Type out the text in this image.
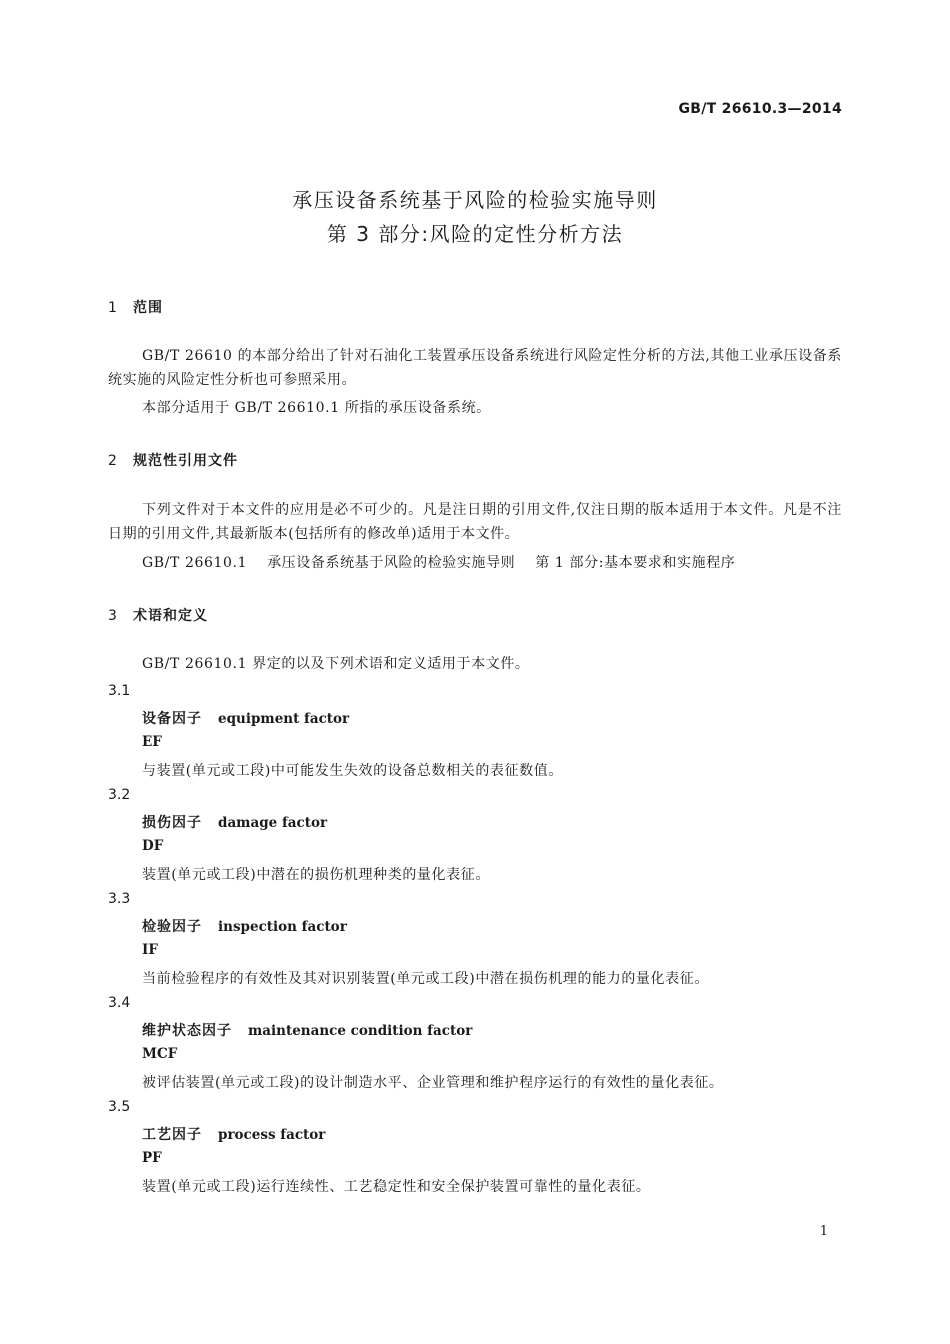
GB/T 26610.3—2014
承压设备系统基于风险的检验实施导则
第 3 部分:风险的定性分析方法
1 范围

GB/T 26610 的本部分给出了针对石油化工装置承压设备系统进行风险定性分析的方法,其他工业承压设备系统实施的风险定性分析也可参照采用。

本部分适用于 GB/T 26610.1 所指的承压设备系统。

2 规范性引用文件

下列文件对于本文件的应用是必不可少的。凡是注日期的引用文件,仅注日期的版本适用于本文件。凡是不注日期的引用文件,其最新版本(包括所有的修改单)适用于本文件。

GB/T 26610.1 承压设备系统基于风险的检验实施导则 第 1 部分:基本要求和实施程序
3 术语和定义

GB/T 26610.1 界定的以及下列术语和定义适用于本文件。

3.1
设备因子 equipment factor
EF
与装置(单元或工段)中可能发生失效的设备总数相关的表征数值。
3.2
损伤因子 damage factor
DF
装置(单元或工段)中潜在的损伤机理种类的量化表征。
3.3
检验因子 inspection factor
IF
当前检验程序的有效性及其对识别装置(单元或工段)中潜在损伤机理的能力的量化表征。
3.4
维护状态因子 maintenance condition factor
MCF
被评估装置(单元或工段)的设计制造水平、企业管理和维护程序运行的有效性的量化表征。
3.5
工艺因子 process factor
PF
装置(单元或工段)运行连续性、工艺稳定性和安全保护装置可靠性的量化表征。
1
